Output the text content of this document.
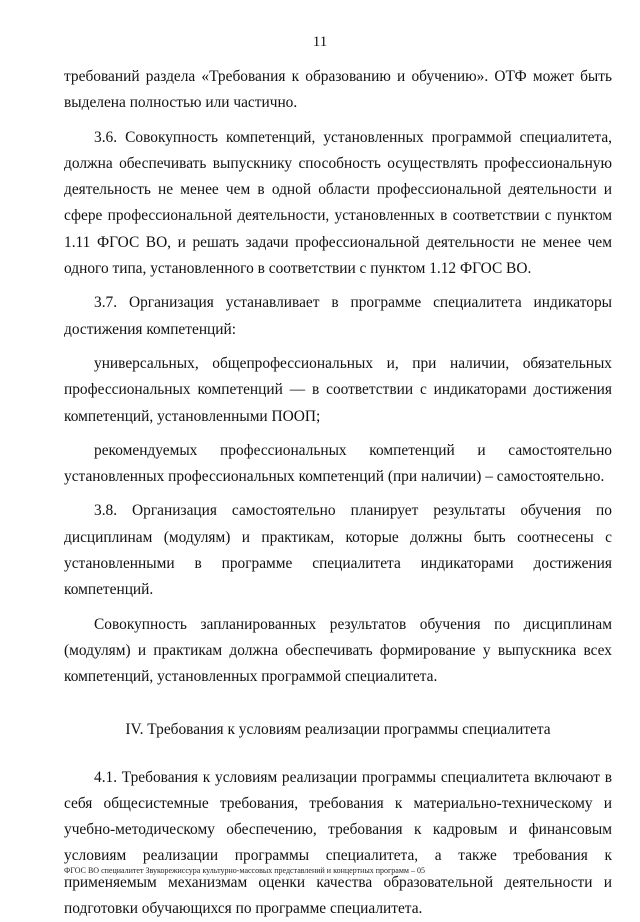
11

требований раздела «Требования к образованию и обучению». ОТФ может быть выделена полностью или частично.

3.6. Совокупность компетенций, установленных программой специалитета, должна обеспечивать выпускнику способность осуществлять профессиональную деятельность не менее чем в одной области профессиональной деятельности и сфере профессиональной деятельности, установленных в соответствии с пунктом 1.11 ФГОС ВО, и решать задачи профессиональной деятельности не менее чем одного типа, установленного в соответствии с пунктом 1.12 ФГОС ВО.

3.7. Организация устанавливает в программе специалитета индикаторы достижения компетенций:

универсальных, общепрофессиональных и, при наличии, обязательных профессиональных компетенций — в соответствии с индикаторами достижения компетенций, установленными ПООП;

рекомендуемых профессиональных компетенций и самостоятельно установленных профессиональных компетенций (при наличии) – самостоятельно.

3.8. Организация самостоятельно планирует результаты обучения по дисциплинам (модулям) и практикам, которые должны быть соотнесены с установленными в программе специалитета индикаторами достижения компетенций.

Совокупность запланированных результатов обучения по дисциплинам (модулям) и практикам должна обеспечивать формирование у выпускника всех компетенций, установленных программой специалитета.

IV. Требования к условиям реализации программы специалитета

4.1. Требования к условиям реализации программы специалитета включают в себя общесистемные требования, требования к материально-техническому и учебно-методическому обеспечению, требования к кадровым и финансовым условиям реализации программы специалитета, а также требования к применяемым механизмам оценки качества образовательной деятельности и подготовки обучающихся по программе специалитета.

ФГОС ВО специалитет Звукорежиссура культурно-массовых представлений и концертных программ – 05
